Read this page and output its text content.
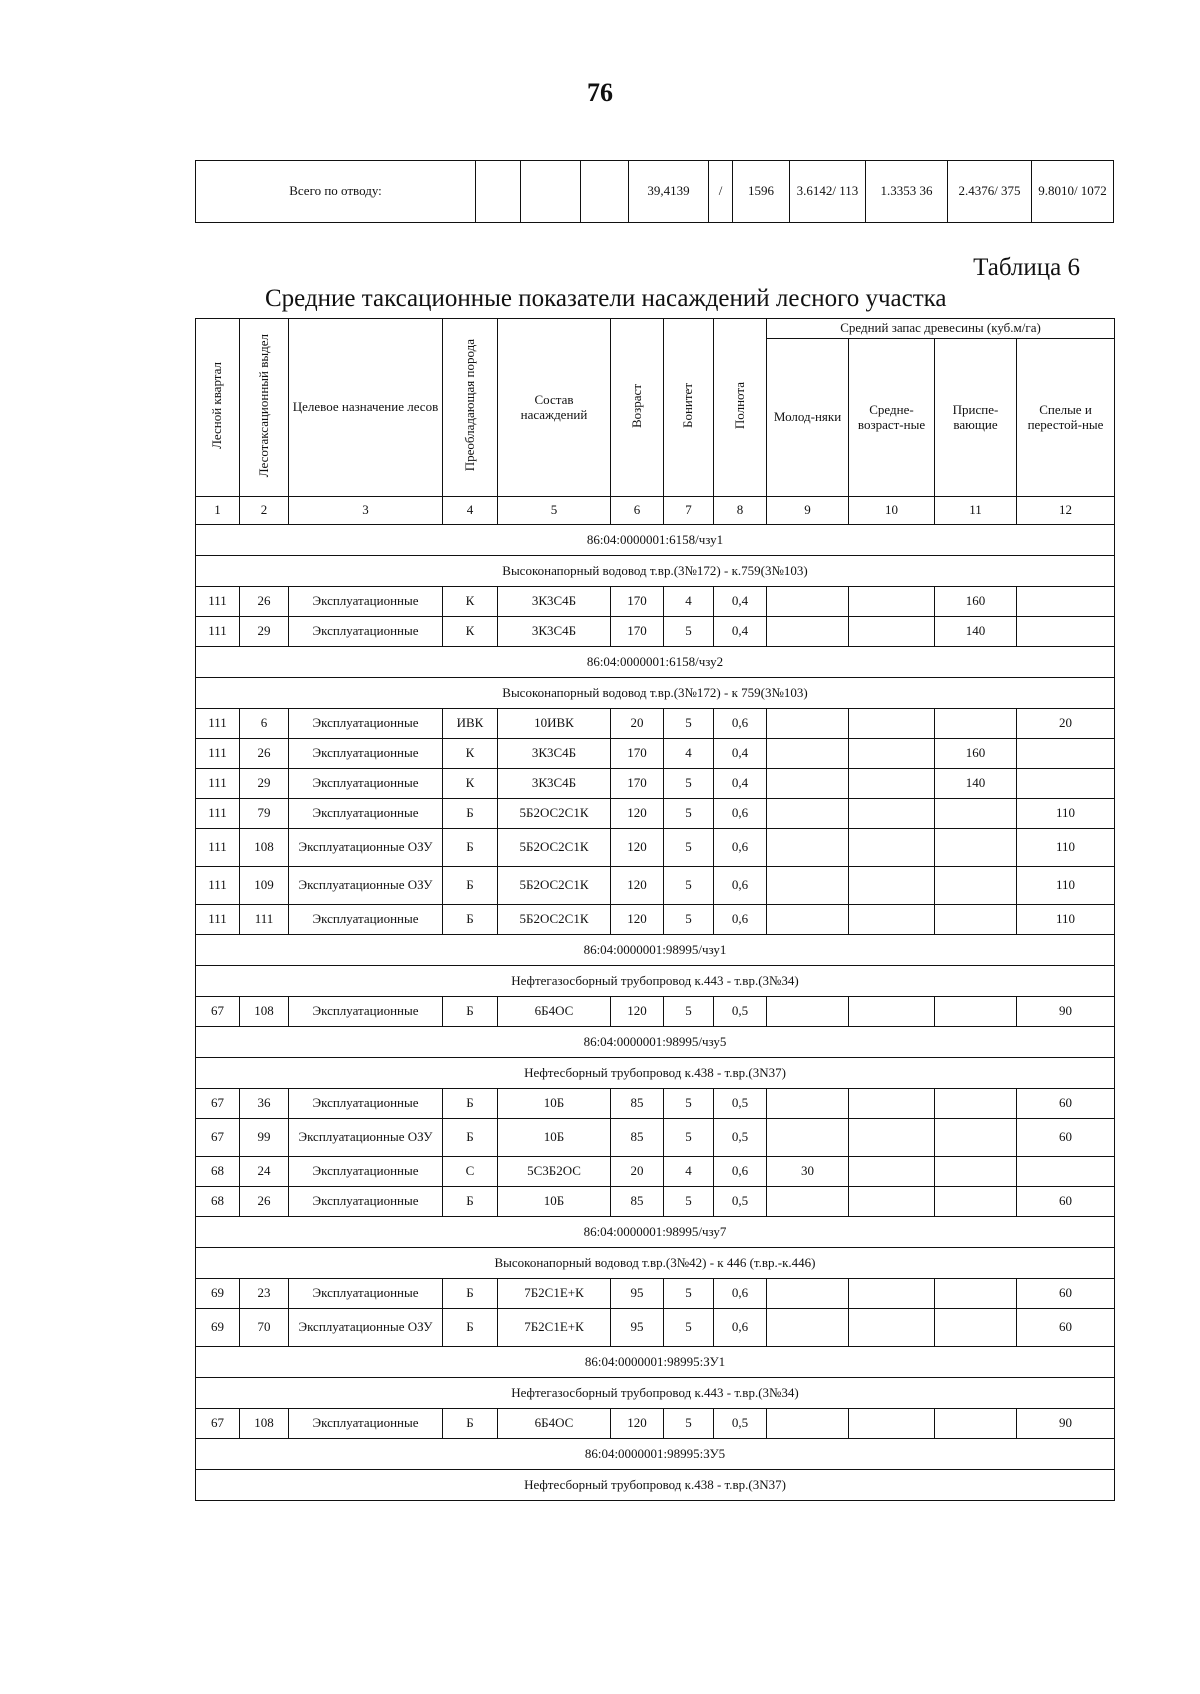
76
Всего по отводу:				39,4139	/	1596	3.6142/ 113	1.3353 36	2.4376/ 375	9.8010/ 1072
Таблица 6
Средние таксационные показатели насаждений лесного участка
Лесной квартал	Лесотаксационный выдел	Целевое назначение лесов	Преобладающая порода	Состав насаждений	Возраст	Бонитет	Полнота	Средний запас древесины (куб.м/га)			
								Молод-няки	Средне-возраст-ные	Приспе-вающие	Спелые и перестой-ные
1	2	3	4	5	6	7	8	9	10	11	12
86:04:0000001:6158/чзу1											
Высоконапорный водовод т.вр.(3№172) - к.759(3№103)											
111	26	Эксплуатационные	К	3К3С4Б	170	4	0,4			160	
111	29	Эксплуатационные	К	3К3С4Б	170	5	0,4			140	
86:04:0000001:6158/чзу2											
Высоконапорный водовод т.вр.(3№172) - к 759(3№103)											
111	6	Эксплуатационные	ИВК	10ИВК	20	5	0,6				20
111	26	Эксплуатационные	К	3К3С4Б	170	4	0,4			160	
111	29	Эксплуатационные	К	3К3С4Б	170	5	0,4			140	
111	79	Эксплуатационные	Б	5Б2ОС2С1К	120	5	0,6				110
111	108	Эксплуатационные ОЗУ	Б	5Б2ОС2С1К	120	5	0,6				110
111	109	Эксплуатационные ОЗУ	Б	5Б2ОС2С1К	120	5	0,6				110
111	111	Эксплуатационные	Б	5Б2ОС2С1К	120	5	0,6				110
86:04:0000001:98995/чзу1											
Нефтегазосборный трубопровод к.443 - т.вр.(3№34)											
67	108	Эксплуатационные	Б	6Б4ОС	120	5	0,5				90
86:04:0000001:98995/чзу5											
Нефтесборный трубопровод к.438 - т.вр.(3N37)											
67	36	Эксплуатационные	Б	10Б	85	5	0,5				60
67	99	Эксплуатационные ОЗУ	Б	10Б	85	5	0,5				60
68	24	Эксплуатационные	С	5С3Б2ОС	20	4	0,6	30			
68	26	Эксплуатационные	Б	10Б	85	5	0,5				60
86:04:0000001:98995/чзу7											
Высоконапорный водовод т.вр.(3№42) - к 446 (т.вр.-к.446)											
69	23	Эксплуатационные	Б	7Б2С1Е+К	95	5	0,6				60
69	70	Эксплуатационные ОЗУ	Б	7Б2С1Е+К	95	5	0,6				60
86:04:0000001:98995:ЗУ1											
Нефтегазосборный трубопровод к.443 - т.вр.(3№34)											
67	108	Эксплуатационные	Б	6Б4ОС	120	5	0,5				90
86:04:0000001:98995:ЗУ5											
Нефтесборный трубопровод к.438 - т.вр.(3N37)											
